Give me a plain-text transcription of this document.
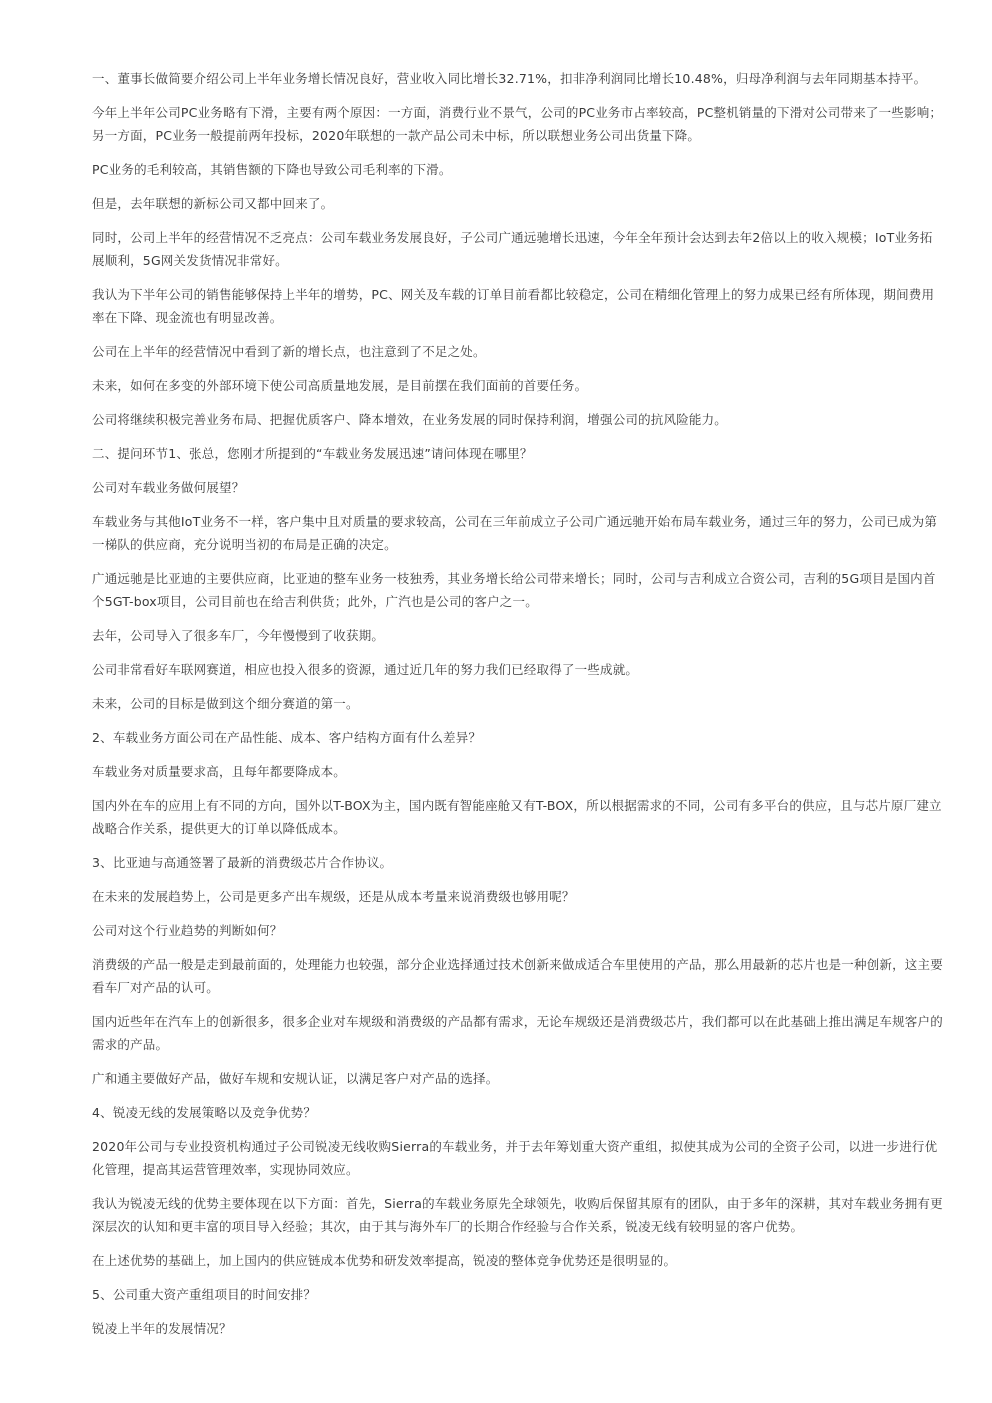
一、董事长做简要介绍公司上半年业务增长情况良好，营业收入同比增长32.71%，扣非净利润同比增长10.48%，归母净利润与去年同期基本持平。

今年上半年公司PC业务略有下滑，主要有两个原因：一方面，消费行业不景气，公司的PC业务市占率较高，PC整机销量的下滑对公司带来了一些影响；另一方面，PC业务一般提前两年投标，2020年联想的一款产品公司未中标，所以联想业务公司出货量下降。

PC业务的毛利较高，其销售额的下降也导致公司毛利率的下滑。

但是，去年联想的新标公司又都中回来了。

同时，公司上半年的经营情况不乏亮点：公司车载业务发展良好，子公司广通远驰增长迅速，今年全年预计会达到去年2倍以上的收入规模；IoT业务拓展顺利，5G网关发货情况非常好。

我认为下半年公司的销售能够保持上半年的增势，PC、网关及车载的订单目前看都比较稳定，公司在精细化管理上的努力成果已经有所体现，期间费用率在下降、现金流也有明显改善。

公司在上半年的经营情况中看到了新的增长点，也注意到了不足之处。

未来，如何在多变的外部环境下使公司高质量地发展，是目前摆在我们面前的首要任务。

公司将继续积极完善业务布局、把握优质客户、降本增效，在业务发展的同时保持利润，增强公司的抗风险能力。

二、提问环节1、张总，您刚才所提到的“车载业务发展迅速”请问体现在哪里？

公司对车载业务做何展望？

车载业务与其他IoT业务不一样，客户集中且对质量的要求较高，公司在三年前成立子公司广通远驰开始布局车载业务，通过三年的努力，公司已成为第一梯队的供应商，充分说明当初的布局是正确的决定。

广通远驰是比亚迪的主要供应商，比亚迪的整车业务一枝独秀，其业务增长给公司带来增长；同时，公司与吉利成立合资公司，吉利的5G项目是国内首个5GT-box项目，公司目前也在给吉利供货；此外，广汽也是公司的客户之一。

去年，公司导入了很多车厂，今年慢慢到了收获期。

公司非常看好车联网赛道，相应也投入很多的资源，通过近几年的努力我们已经取得了一些成就。

未来，公司的目标是做到这个细分赛道的第一。

2、车载业务方面公司在产品性能、成本、客户结构方面有什么差异？

车载业务对质量要求高，且每年都要降成本。

国内外在车的应用上有不同的方向，国外以T-BOX为主，国内既有智能座舱又有T-BOX，所以根据需求的不同，公司有多平台的供应，且与芯片原厂建立战略合作关系，提供更大的订单以降低成本。

3、比亚迪与高通签署了最新的消费级芯片合作协议。

在未来的发展趋势上，公司是更多产出车规级，还是从成本考量来说消费级也够用呢？

公司对这个行业趋势的判断如何？

消费级的产品一般是走到最前面的，处理能力也较强，部分企业选择通过技术创新来做成适合车里使用的产品，那么用最新的芯片也是一种创新，这主要看车厂对产品的认可。

国内近些年在汽车上的创新很多，很多企业对车规级和消费级的产品都有需求，无论车规级还是消费级芯片，我们都可以在此基础上推出满足车规客户的需求的产品。

广和通主要做好产品，做好车规和安规认证，以满足客户对产品的选择。

4、锐凌无线的发展策略以及竞争优势？

2020年公司与专业投资机构通过子公司锐凌无线收购Sierra的车载业务，并于去年筹划重大资产重组，拟使其成为公司的全资子公司，以进一步进行优化管理，提高其运营管理效率，实现协同效应。

我认为锐凌无线的优势主要体现在以下方面：首先，Sierra的车载业务原先全球领先，收购后保留其原有的团队，由于多年的深耕，其对车载业务拥有更深层次的认知和更丰富的项目导入经验；其次，由于其与海外车厂的长期合作经验与合作关系，锐凌无线有较明显的客户优势。

在上述优势的基础上，加上国内的供应链成本优势和研发效率提高，锐凌的整体竞争优势还是很明显的。

5、公司重大资产重组项目的时间安排？

锐凌上半年的发展情况？
